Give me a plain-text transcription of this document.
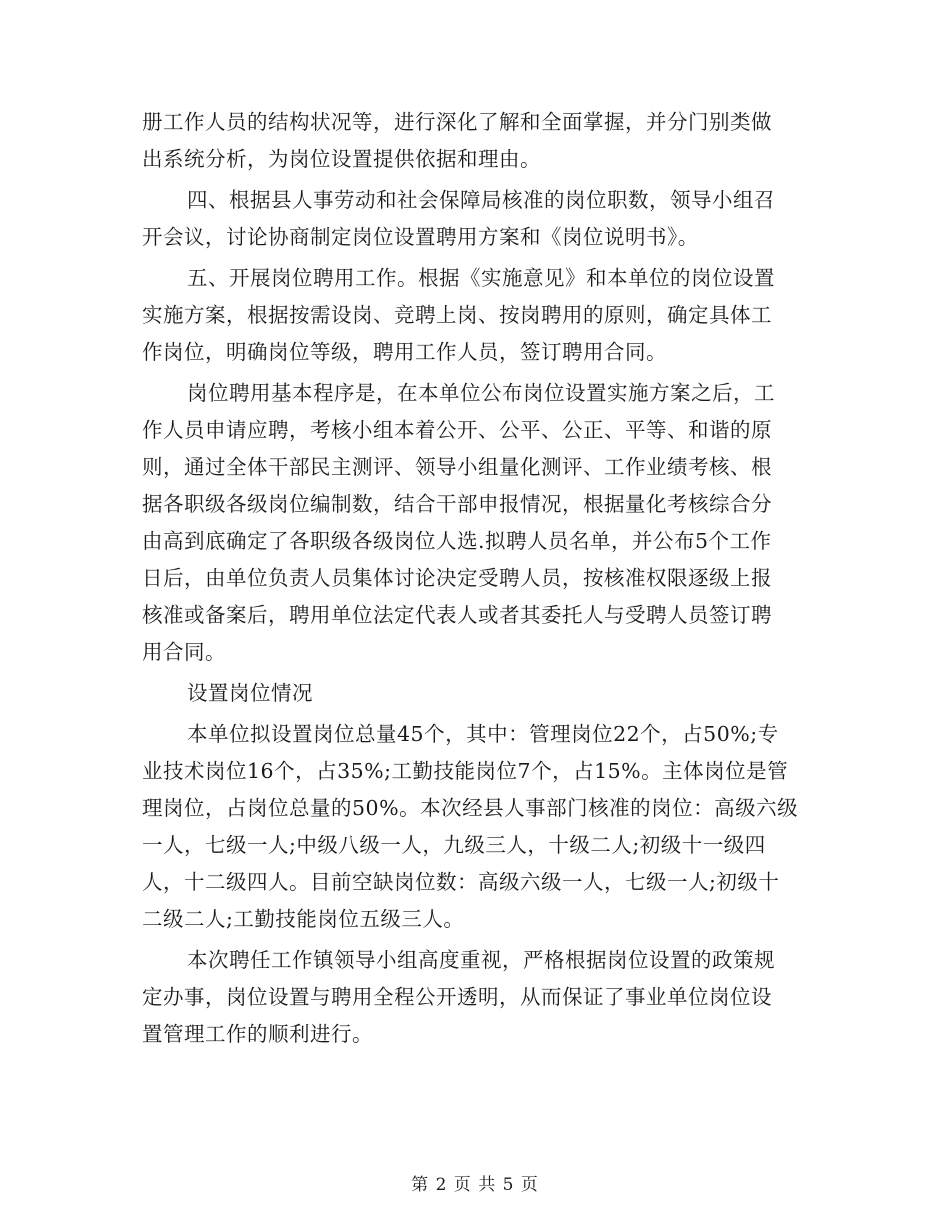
册工作人员的结构状况等，进行深化了解和全面掌握，并分门别类做
出系统分析，为岗位设置提供依据和理由。

四、根据县人事劳动和社会保障局核准的岗位职数，领导小组召
开会议，讨论协商制定岗位设置聘用方案和《岗位说明书》。

五、开展岗位聘用工作。根据《实施意见》和本单位的岗位设置
实施方案，根据按需设岗、竞聘上岗、按岗聘用的原则，确定具体工
作岗位，明确岗位等级，聘用工作人员，签订聘用合同。

岗位聘用基本程序是，在本单位公布岗位设置实施方案之后，工
作人员申请应聘，考核小组本着公开、公平、公正、平等、和谐的原
则，通过全体干部民主测评、领导小组量化测评、工作业绩考核、根
据各职级各级岗位编制数，结合干部申报情况，根据量化考核综合分
由高到底确定了各职级各级岗位人选.拟聘人员名单，并公布5个工作
日后，由单位负责人员集体讨论决定受聘人员，按核准权限逐级上报
核准或备案后，聘用单位法定代表人或者其委托人与受聘人员签订聘
用合同。

设置岗位情况

本单位拟设置岗位总量45个，其中：管理岗位22个，占50%;专
业技术岗位16个，占35%;工勤技能岗位7个，占15%。主体岗位是管
理岗位，占岗位总量的50%。本次经县人事部门核准的岗位：高级六级
一人，七级一人;中级八级一人，九级三人，十级二人;初级十一级四
人，十二级四人。目前空缺岗位数：高级六级一人，七级一人;初级十
二级二人;工勤技能岗位五级三人。

本次聘任工作镇领导小组高度重视，严格根据岗位设置的政策规
定办事，岗位设置与聘用全程公开透明，从而保证了事业单位岗位设
置管理工作的顺利进行。

第 2 页 共 5 页
